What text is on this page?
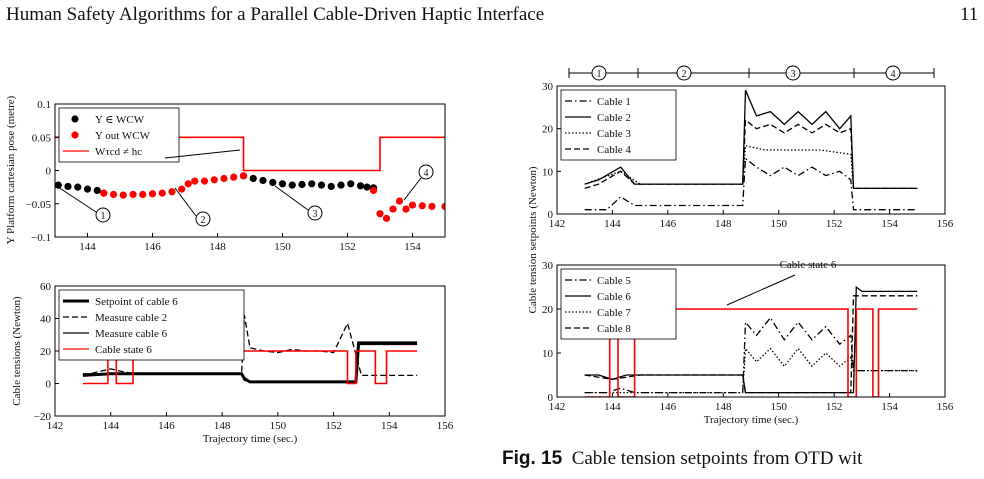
Human Safety Algorithms for a Parallel Cable-Driven Haptic Interface	11
Fig. 15 Cable tension setpoints from OTD wit
144	146	148	150	152	154
−0.1
−0.05
0
0.05
0.1
Y ∈ WCW
Y out WCW
Wτcd ≠ hc
142	144	146	148	150	152	154	156
−20
0
20
40
60
Trajectory time (sec.)
Setpoint of cable 6
Measure cable 2
Measure cable 6
Cable state 6
142	144	146	148	150	152	154	156
0
10
20
30
Cable 1
Cable 2
Cable 3
Cable 4
142	144	146	148	150	152	154	156
0
10
20
30
Trajectory time (sec.)
Cable 5
Cable 6
Cable 7
Cable 8
Y Platform cartesian pose (metre)
Cable tensions (Newton)
Cable tension setpoints (Newton)
1	2
3
4
1	2	3	4
Cable state 6
